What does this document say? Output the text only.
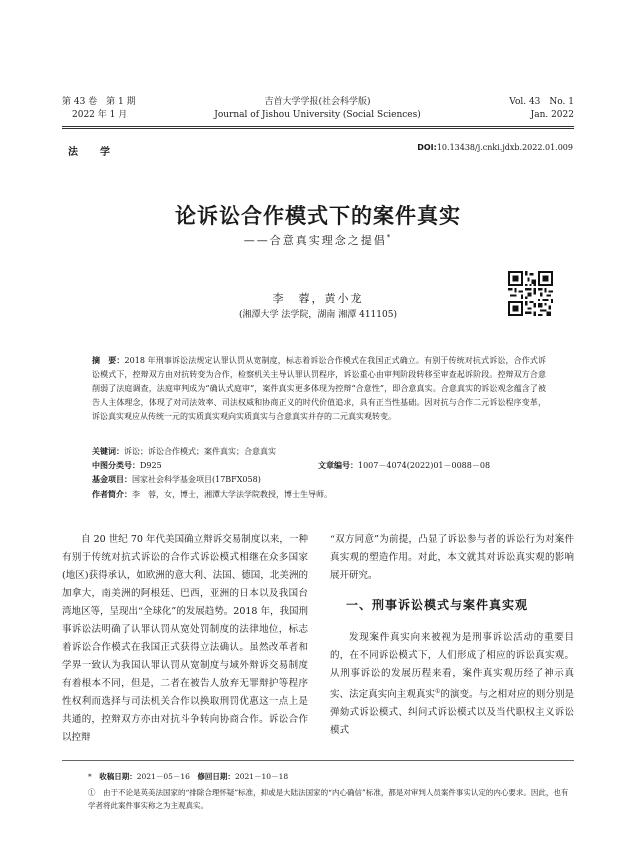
第 43 卷　第 1 期
2022 年 1 月
吉首大学学报(社会科学版)
Journal of Jishou University (Social Sciences)
Vol. 43　No. 1
Jan. 2022
法　学	DOI:10.13438/j.cnki.jdxb.2022.01.009
论诉讼合作模式下的案件真实
——合意真实理念之提倡*
李　蓉，黄小龙
(湘潭大学 法学院，湖南 湘潭 411105)
摘　要：2018 年刑事诉讼法规定认罪认罚从宽制度，标志着诉讼合作模式在我国正式确立。有别于传统对抗式诉讼，合作式诉讼模式下，控辩双方由对抗转变为合作，检察机关主导认罪认罚程序，诉讼重心由审判阶段转移至审查起诉阶段。控辩双方合意削弱了法庭调查，法庭审判成为“确认式庭审”，案件真实更多体现为控辩“合意性”，即合意真实。合意真实的诉讼观念蕴含了被告人主体理念，体现了对司法效率、司法权威和协商正义的时代价值追求，具有正当性基础。因对抗与合作二元诉讼程序变革，诉讼真实观应从传统一元的实质真实观向实质真实与合意真实并存的二元真实观转变。
关键词：诉讼；诉讼合作模式；案件真实；合意真实
中图分类号：D925	文章编号：1007－4074(2022)01－0088－08
基金项目：国家社会科学基金项目(17BFX058)
作者简介：李　蓉，女，博士，湘潭大学法学院教授，博士生导师。
自 20 世纪 70 年代美国确立辩诉交易制度以来，一种有别于传统对抗式诉讼的合作式诉讼模式相继在众多国家(地区)获得承认，如欧洲的意大利、法国、德国，北美洲的加拿大，南美洲的阿根廷、巴西，亚洲的日本以及我国台湾地区等，呈现出“全球化”的发展趋势。2018 年，我国刑事诉讼法明确了认罪认罚从宽处罚制度的法律地位，标志着诉讼合作模式在我国正式获得立法确认。虽然改革者和学界一致认为我国认罪认罚从宽制度与域外辩诉交易制度有着根本不同，但是，二者在被告人放弃无罪辩护等程序性权利而选择与司法机关合作以换取刑罚优惠这一点上是共通的，控辩双方亦由对抗斗争转向协商合作。诉讼合作以控辩
“双方同意”为前提，凸显了诉讼参与者的诉讼行为对案件真实观的塑造作用。对此，本文就其对诉讼真实观的影响展开研究。
一、刑事诉讼模式与案件真实观
发现案件真实向来被视为是刑事诉讼活动的重要目的，在不同诉讼模式下，人们形成了相应的诉讼真实观。从刑事诉讼的发展历程来看，案件真实观历经了神示真实、法定真实向主观真实①的演变。与之相对应的则分别是弹劾式诉讼模式、纠问式诉讼模式以及当代职权主义诉讼模式
*　收稿日期：2021－05－16　 修回日期：2021－10－18
①　 由于不论是英美法国家的“排除合理怀疑”标准，抑或是大陆法国家的“内心确信”标准，都是对审判人员案件事实认定的内心要求。因此，也有学者将此案件事实称之为主观真实。
